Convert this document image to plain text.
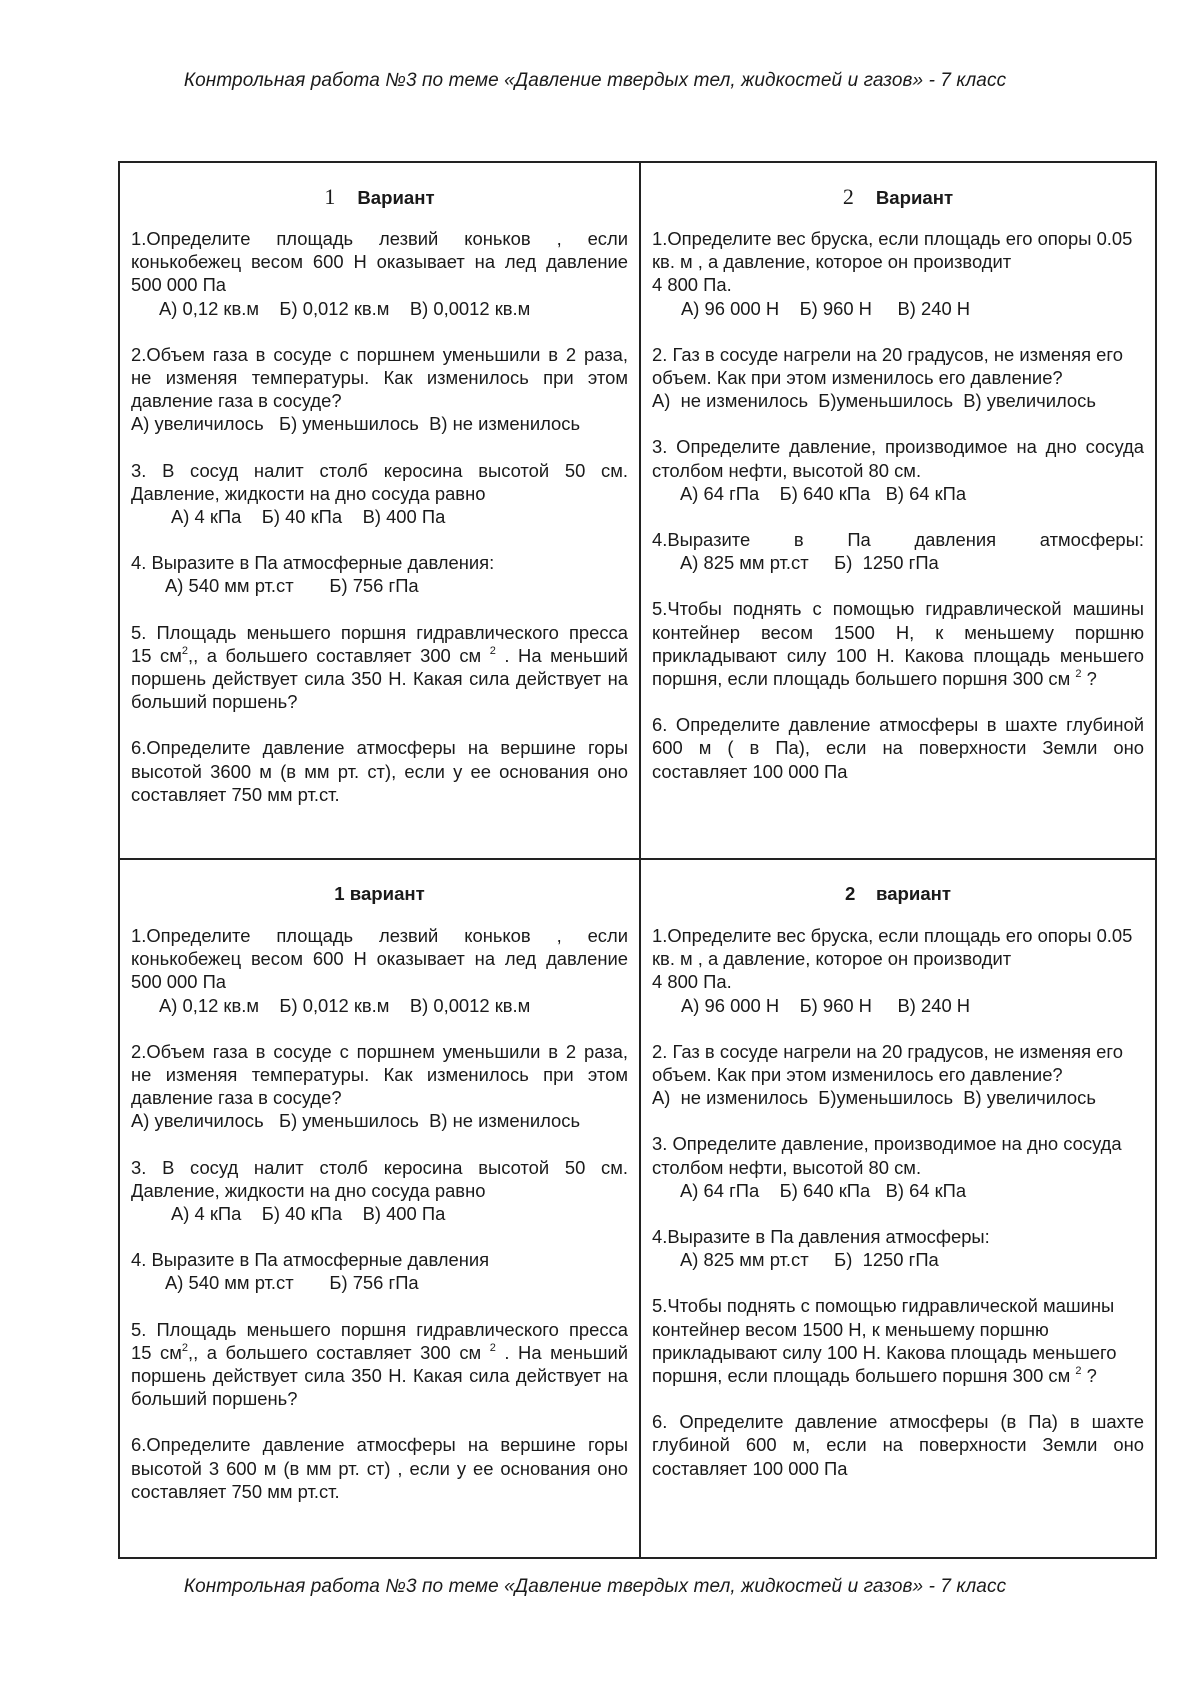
Контрольная работа №3 по теме «Давление твердых тел, жидкостей и газов» - 7 класс
1 Вариант
1.Определите площадь лезвий коньков , если конькобежец весом 600 Н оказывает на лед давление 500 000 Па
А) 0,12 кв.м    Б) 0,012 кв.м    В) 0,0012 кв.м
2.Объем газа в сосуде с поршнем уменьшили в 2 раза, не изменяя температуры. Как изменилось при этом давление газа в сосуде?
А) увеличилось   Б) уменьшилось  В) не изменилось
3. В сосуд налит столб керосина высотой 50 см. Давление, жидкости на дно сосуда равно
А) 4 кПа    Б) 40 кПа    В) 400 Па
4. Выразите в Па атмосферные давления:
А) 540 мм рт.ст       Б) 756 гПа
5. Площадь меньшего поршня гидравлического пресса 15 $см^2$,, а большего составляет 300 см $^2$ . На меньший поршень действует сила 350 Н. Какая сила действует на больший поршень?
6.Определите давление атмосферы на вершине горы высотой 3600 м (в мм рт. ст), если у ее основания оно составляет 750 мм рт.ст.
2 Вариант
1.Определите вес бруска, если площадь его опоры 0.05 кв. м , а давление, которое он производит
4 800 Па.
А) 96 000 Н    Б) 960 Н     В) 240 Н
2. Газ в сосуде нагрели на 20 градусов, не изменяя его объем. Как при этом изменилось его давление?
А)  не изменилось  Б)уменьшилось  В) увеличилось
3. Определите давление, производимое на дно сосуда столбом нефти, высотой 80 см.
А) 64 гПа    Б) 640 кПа   В) 64 кПа
4.Выразите в Па давления атмосферы:
А) 825 мм рт.ст     Б)  1250 гПа
5.Чтобы поднять с помощью гидравлической машины контейнер весом 1500 Н, к меньшему поршню прикладывают силу 100 Н. Какова площадь меньшего поршня, если площадь большего поршня 300 см $^2$ ?
6. Определите давление атмосферы в шахте глубиной 600 м ( в Па), если на поверхности Земли оно составляет 100 000 Па
1 вариант
1.Определите площадь лезвий коньков , если конькобежец весом 600 Н оказывает на лед давление 500 000 Па
А) 0,12 кв.м    Б) 0,012 кв.м    В) 0,0012 кв.м
2.Объем газа в сосуде с поршнем уменьшили в 2 раза, не изменяя температуры. Как изменилось при этом давление газа в сосуде?
А) увеличилось   Б) уменьшилось  В) не изменилось
3. В сосуд налит столб керосина высотой 50 см. Давление, жидкости на дно сосуда равно
А) 4 кПа    Б) 40 кПа    В) 400 Па
4. Выразите в Па атмосферные давления
А) 540 мм рт.ст       Б) 756 гПа
5. Площадь меньшего поршня гидравлического пресса 15 $см^2$,, а большего составляет 300 см $^2$ . На меньший поршень действует сила 350 Н. Какая сила действует на больший поршень?
6.Определите давление атмосферы на вершине горы высотой 3 600 м (в мм рт. ст) , если у ее основания оно составляет 750 мм рт.ст.
2    вариант
1.Определите вес бруска, если площадь его опоры 0.05 кв. м , а давление, которое он производит
4 800 Па.
А) 96 000 Н    Б) 960 Н     В) 240 Н
2. Газ в сосуде нагрели на 20 градусов, не изменяя его объем. Как при этом изменилось его давление?
А)  не изменилось  Б)уменьшилось  В) увеличилось
3. Определите давление, производимое на дно сосуда столбом нефти, высотой 80 см.
А) 64 гПа    Б) 640 кПа   В) 64 кПа
4.Выразите в Па давления атмосферы:
А) 825 мм рт.ст     Б)  1250 гПа
5.Чтобы поднять с помощью гидравлической машины контейнер весом 1500 Н, к меньшему поршню прикладывают силу 100 Н. Какова площадь меньшего поршня, если площадь большего поршня 300 см $^2$ ?
6. Определите давление атмосферы (в Па) в шахте глубиной 600 м, если на поверхности Земли оно составляет 100 000 Па
Контрольная работа №3 по теме «Давление твердых тел, жидкостей и газов» - 7 класс
